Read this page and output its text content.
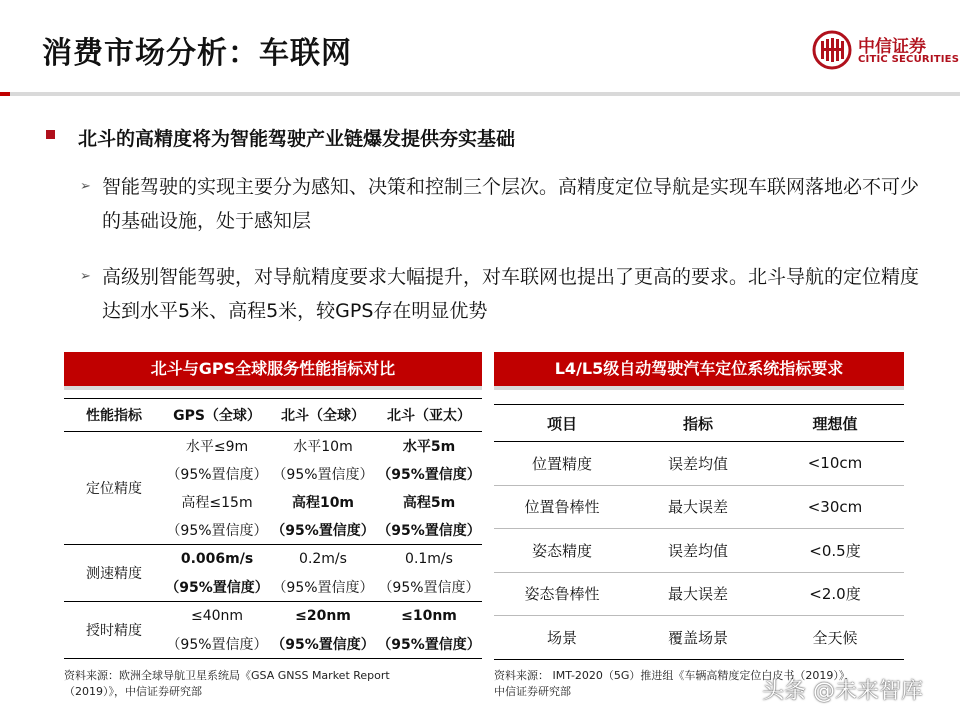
消费市场分析：车联网	中信证券
CITIC SECURITIES
北斗的高精度将为智能驾驶产业链爆发提供夯实基础
➢ 智能驾驶的实现主要分为感知、决策和控制三个层次。高精度定位导航是实现车联网落地必不可少的基础设施，处于感知层
➢ 高级别智能驾驶，对导航精度要求大幅提升，对车联网也提出了更高的要求。北斗导航的定位精度达到水平5米、高程5米，较GPS存在明显优势
北斗与GPS全球服务性能指标对比
性能指标	GPS（全球）	北斗（全球）	北斗（亚太）
定位精度	水平≤9m	水平10m	水平5m
	（95%置信度）	（95%置信度）	（95%置信度）
	高程≤15m	高程10m	高程5m
	（95%置信度）	（95%置信度）	（95%置信度）
测速精度	0.006m/s	0.2m/s	0.1m/s
	（95%置信度）	（95%置信度）	（95%置信度）
授时精度	≤40nm	≤20nm	≤10nm
	（95%置信度）	（95%置信度）	（95%置信度）
资料来源：欧洲全球导航卫星系统局《GSA GNSS Market Report
（2019）》，中信证券研究部
L4/L5级自动驾驶汽车定位系统指标要求
项目	指标	理想值
位置精度	误差均值	<10cm
位置鲁棒性	最大误差	<30cm
姿态精度	误差均值	<0.5度
姿态鲁棒性	最大误差	<2.0度
场景	覆盖场景	全天候
资料来源： IMT-2020（5G）推进组《车辆高精度定位白皮书（2019）》，
中信证券研究部	头条 @未来智库
